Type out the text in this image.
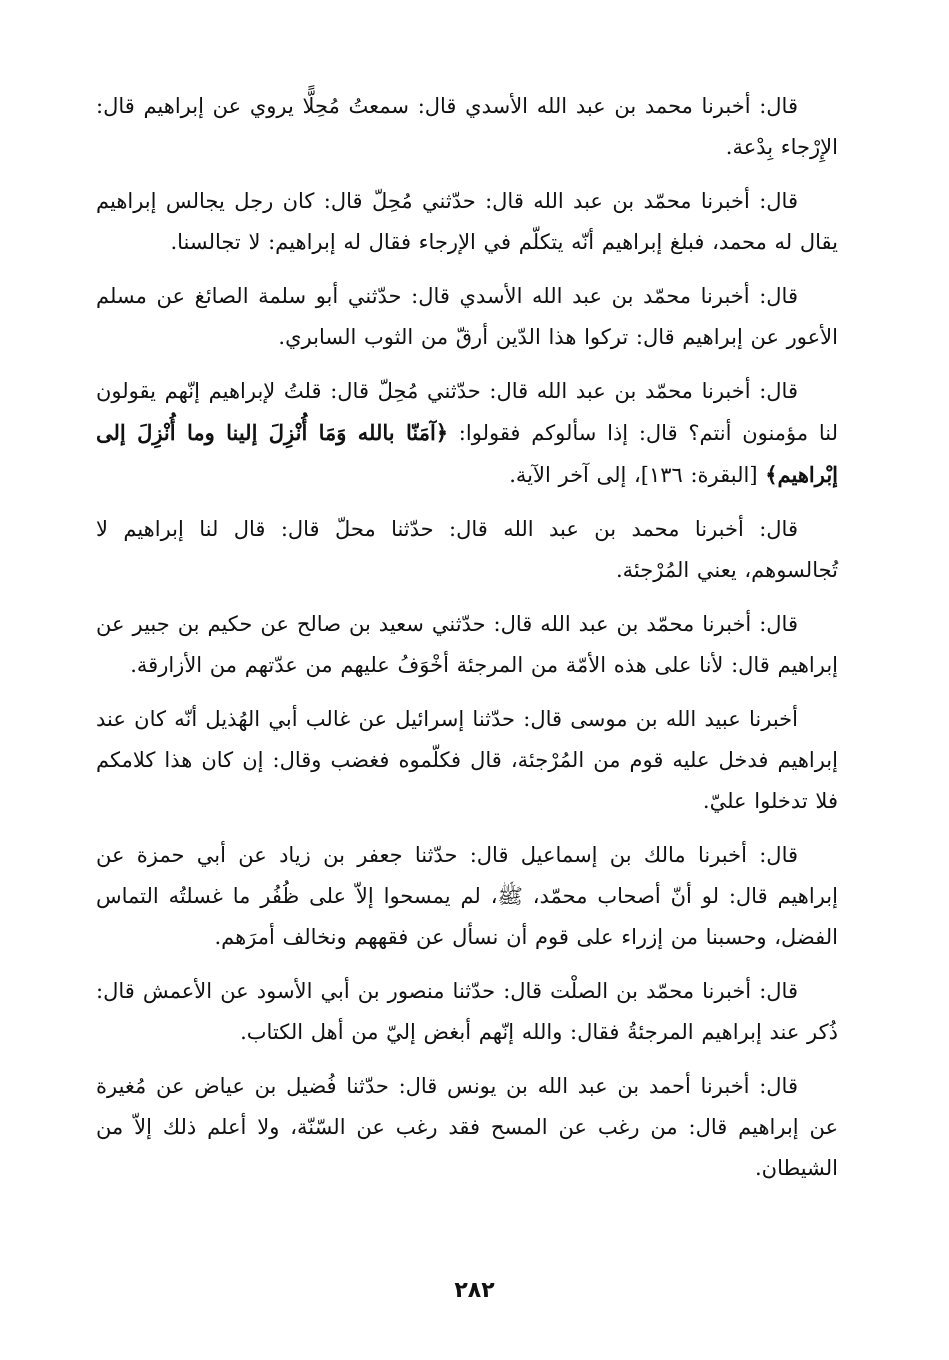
قال: أخبرنا محمد بن عبد الله الأسدي قال: سمعتُ مُحِلًّا يروي عن إبراهيم قال: الإِرْجاء بِدْعة.

قال: أخبرنا محمّد بن عبد الله قال: حدّثني مُحِلّ قال: كان رجل يجالس إبراهيم يقال له محمد، فبلغ إبراهيم أنّه يتكلّم في الإرجاء فقال له إبراهيم: لا تجالسنا.

قال: أخبرنا محمّد بن عبد الله الأسدي قال: حدّثني أبو سلمة الصائغ عن مسلم الأعور عن إبراهيم قال: تركوا هذا الدّين أرقّ من الثوب السابري.

قال: أخبرنا محمّد بن عبد الله قال: حدّثني مُحِلّ قال: قلتُ لإبراهيم إنّهم يقولون لنا مؤمنون أنتم؟ قال: إذا سألوكم فقولوا: ﴿آمَنّا بالله وَمَا أُنْزِلَ إلينا وما أُنْزِلَ إلى إبْراهيم﴾ [البقرة: ١٣٦]، إلى آخر الآية.

قال: أخبرنا محمد بن عبد الله قال: حدّثنا محلّ قال: قال لنا إبراهيم لا تُجالسوهم، يعني المُرْجئة.

قال: أخبرنا محمّد بن عبد الله قال: حدّثني سعيد بن صالح عن حكيم بن جبير عن إبراهيم قال: لأنا على هذه الأمّة من المرجئة أخْوَفُ عليهم من عدّتهم من الأزارقة.

أخبرنا عبيد الله بن موسى قال: حدّثنا إسرائيل عن غالب أبي الهُذيل أنّه كان عند إبراهيم فدخل عليه قوم من المُرْجئة، قال فكلّموه فغضب وقال: إن كان هذا كلامكم فلا تدخلوا عليّ.

قال: أخبرنا مالك بن إسماعيل قال: حدّثنا جعفر بن زياد عن أبي حمزة عن إبراهيم قال: لو أنّ أصحاب محمّد، ﷺ، لم يمسحوا إلاّ على ظُفُر ما غسلتُه التماس الفضل، وحسبنا من إزراء على قوم أن نسأل عن فقههم ونخالف أمرَهم.

قال: أخبرنا محمّد بن الصلْت قال: حدّثنا منصور بن أبي الأسود عن الأعمش قال: ذُكر عند إبراهيم المرجئةُ فقال: والله إنّهم أبغض إليّ من أهل الكتاب.

قال: أخبرنا أحمد بن عبد الله بن يونس قال: حدّثنا فُضيل بن عياض عن مُغيرة عن إبراهيم قال: من رغب عن المسح فقد رغب عن السّنّة، ولا أعلم ذلك إلاّ من الشيطان.

٢٨٢
